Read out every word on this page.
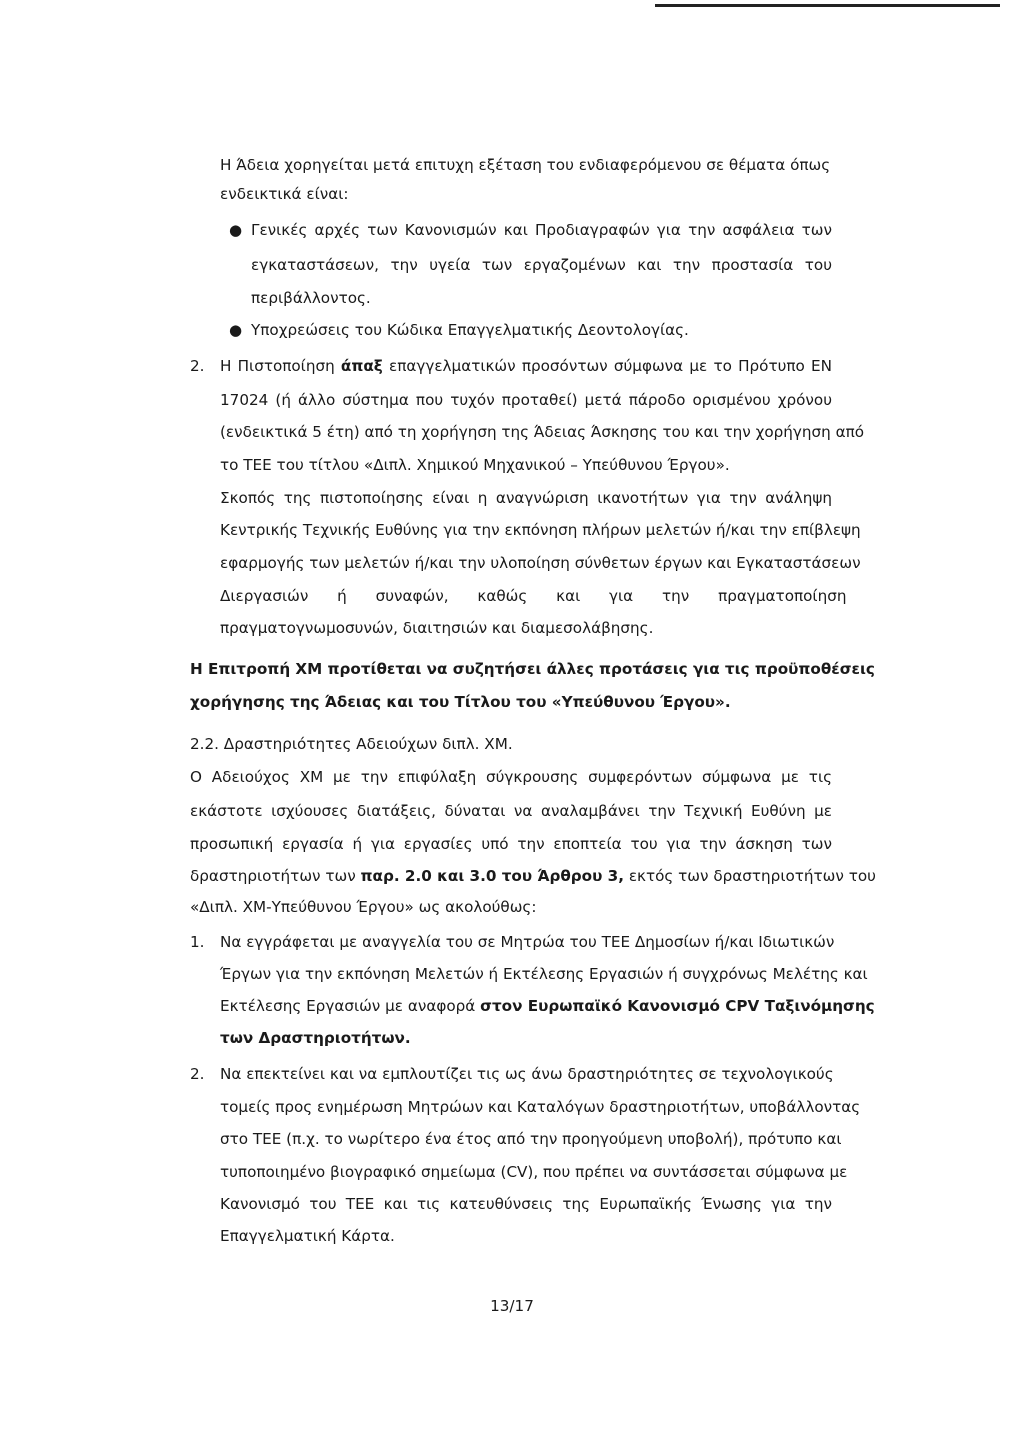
Η Άδεια χορηγείται μετά επιτυχη εξέταση του ενδιαφερόμενου σε θέματα όπως
ενδεικτικά είναι:
● Γενικές αρχές των Κανονισμών και Προδιαγραφών για την ασφάλεια των
εγκαταστάσεων, την υγεία των εργαζομένων και την προστασία του
περιβάλλοντος.
● Υποχρεώσεις του Κώδικα Επαγγελματικής Δεοντολογίας.
2. Η Πιστοποίηση άπαξ επαγγελματικών προσόντων σύμφωνα με το Πρότυπο ΕΝ
17024 (ή άλλο σύστημα που τυχόν προταθεί) μετά πάροδο ορισμένου χρόνου
(ενδεικτικά 5 έτη) από τη χορήγηση της Άδειας Άσκησης του και την χορήγηση από
το ΤΕΕ του τίτλου «Διπλ. Χημικού Μηχανικού – Υπεύθυνου Έργου».
Σκοπός της πιστοποίησης είναι η αναγνώριση ικανοτήτων για την ανάληψη
Κεντρικής Τεχνικής Ευθύνης για την εκπόνηση πλήρων μελετών ή/και την επίβλεψη
εφαρμογής των μελετών ή/και την υλοποίηση σύνθετων έργων και Εγκαταστάσεων
Διεργασιών ή συναφών, καθώς και για την πραγματοποίηση
πραγματογνωμοσυνών, διαιτησιών και διαμεσολάβησης.
Η Επιτροπή ΧΜ προτίθεται να συζητήσει άλλες προτάσεις για τις προϋποθέσεις
χορήγησης της Άδειας και του Τίτλου του «Υπεύθυνου Έργου».
2.2. Δραστηριότητες Αδειούχων διπλ. ΧΜ.
Ο Αδειούχος ΧΜ με την επιφύλαξη σύγκρουσης συμφερόντων σύμφωνα με τις
εκάστοτε ισχύουσες διατάξεις, δύναται να αναλαμβάνει την Τεχνική Ευθύνη με
προσωπική εργασία ή για εργασίες υπό την εποπτεία του για την άσκηση των
δραστηριοτήτων των παρ. 2.0 και 3.0 του Άρθρου 3, εκτός των δραστηριοτήτων του
«Διπλ. ΧΜ-Υπεύθυνου Έργου» ως ακολούθως:
1. Να εγγράφεται με αναγγελία του σε Μητρώα του ΤΕΕ Δημοσίων ή/και Ιδιωτικών
Έργων για την εκπόνηση Μελετών ή Εκτέλεσης Εργασιών ή συγχρόνως Μελέτης και
Εκτέλεσης Εργασιών με αναφορά στον Ευρωπαϊκό Κανονισμό CPV Ταξινόμησης
των Δραστηριοτήτων.
2. Να επεκτείνει και να εμπλουτίζει τις ως άνω δραστηριότητες σε τεχνολογικούς
τομείς προς ενημέρωση Μητρώων και Καταλόγων δραστηριοτήτων, υποβάλλοντας
στο ΤΕΕ (π.χ. το νωρίτερο ένα έτος από την προηγούμενη υποβολή), πρότυπο και
τυποποιημένο βιογραφικό σημείωμα (CV), που πρέπει να συντάσσεται σύμφωνα με
Κανονισμό του ΤΕΕ και τις κατευθύνσεις της Ευρωπαϊκής Ένωσης για την
Επαγγελματική Κάρτα.
13/17
